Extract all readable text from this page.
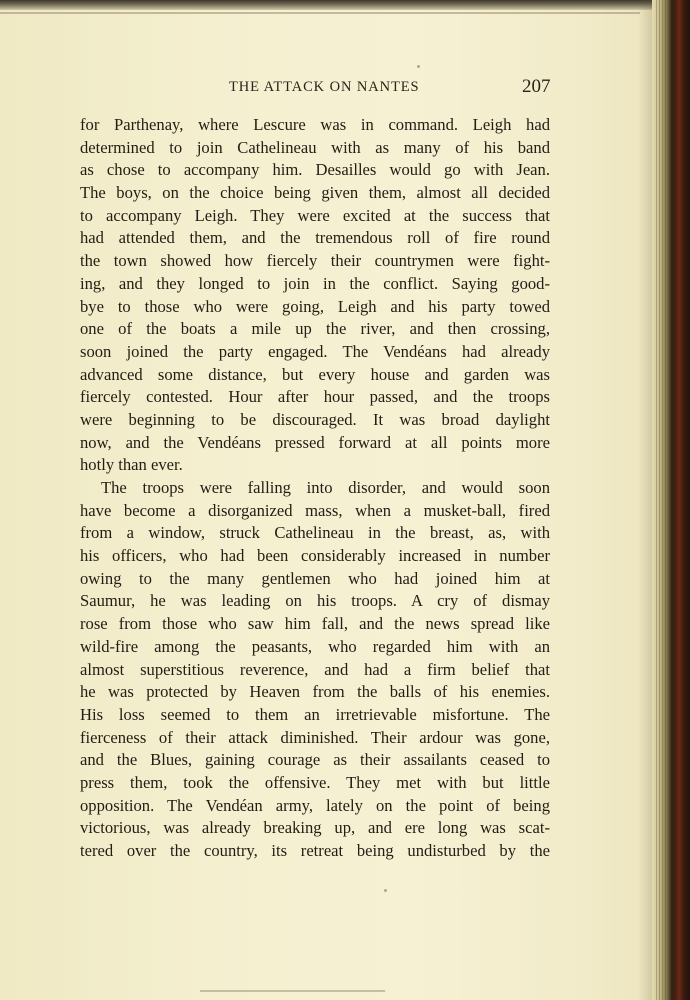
THE ATTACK ON NANTES	207
for Parthenay, where Lescure was in command. Leigh had
determined to join Cathelineau with as many of his band
as chose to accompany him. Desailles would go with Jean.
The boys, on the choice being given them, almost all decided
to accompany Leigh. They were excited at the success that
had attended them, and the tremendous roll of fire round
the town showed how fiercely their countrymen were fight-
ing, and they longed to join in the conflict. Saying good-
bye to those who were going, Leigh and his party towed
one of the boats a mile up the river, and then crossing,
soon joined the party engaged. The Vendéans had already
advanced some distance, but every house and garden was
fiercely contested. Hour after hour passed, and the troops
were beginning to be discouraged. It was broad daylight
now, and the Vendéans pressed forward at all points more
hotly than ever.
The troops were falling into disorder, and would soon
have become a disorganized mass, when a musket-ball, fired
from a window, struck Cathelineau in the breast, as, with
his officers, who had been considerably increased in number
owing to the many gentlemen who had joined him at
Saumur, he was leading on his troops. A cry of dismay
rose from those who saw him fall, and the news spread like
wild-fire among the peasants, who regarded him with an
almost superstitious reverence, and had a firm belief that
he was protected by Heaven from the balls of his enemies.
His loss seemed to them an irretrievable misfortune. The
fierceness of their attack diminished. Their ardour was gone,
and the Blues, gaining courage as their assailants ceased to
press them, took the offensive. They met with but little
opposition. The Vendéan army, lately on the point of being
victorious, was already breaking up, and ere long was scat-
tered over the country, its retreat being undisturbed by the
